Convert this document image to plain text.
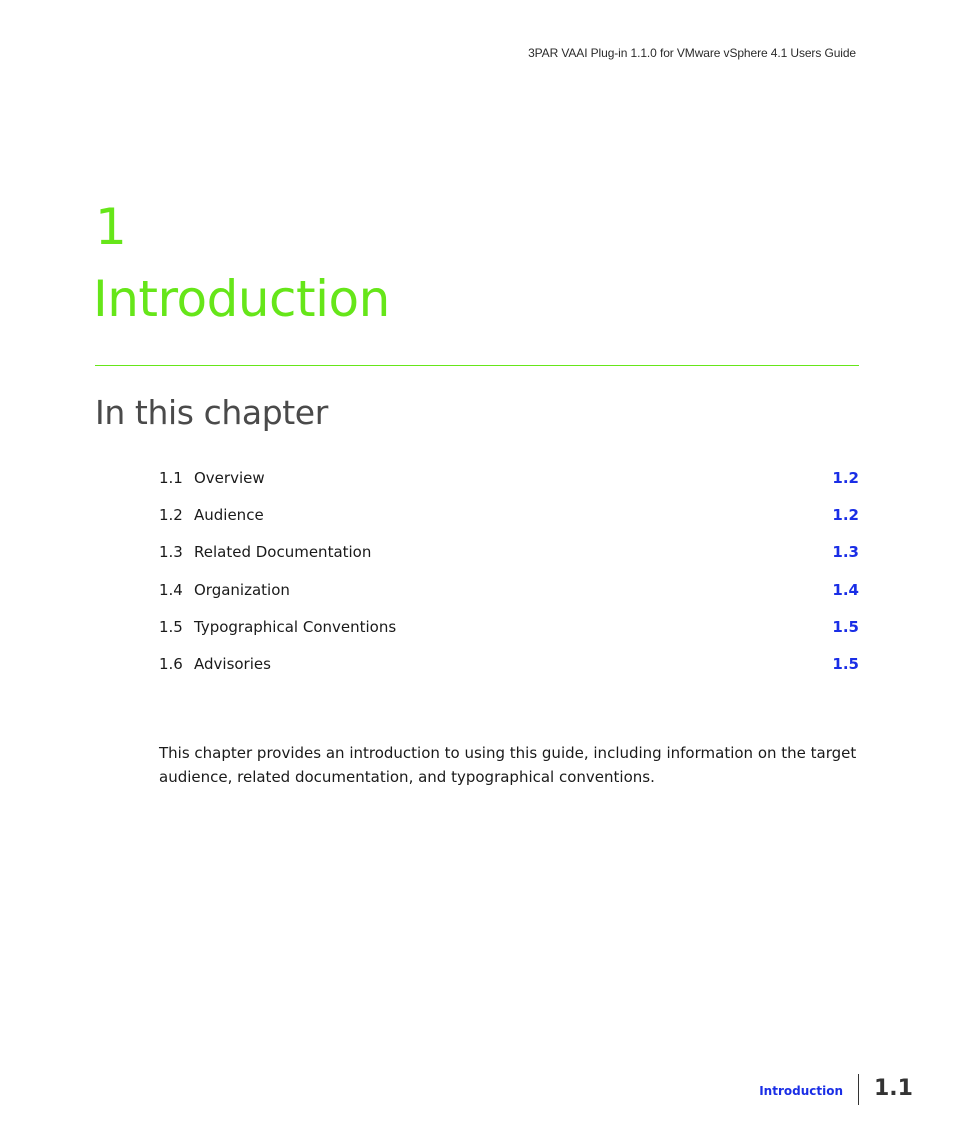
3PAR VAAI Plug-in 1.1.0 for VMware vSphere 4.1 Users Guide
1
Introduction
In this chapter
1.1 Overview	1.2
1.2 Audience	1.2
1.3 Related Documentation	1.3
1.4 Organization	1.4
1.5 Typographical Conventions	1.5
1.6 Advisories	1.5

This chapter provides an introduction to using this guide, including information on the target audience, related documentation, and typographical conventions.

Introduction 1.1
